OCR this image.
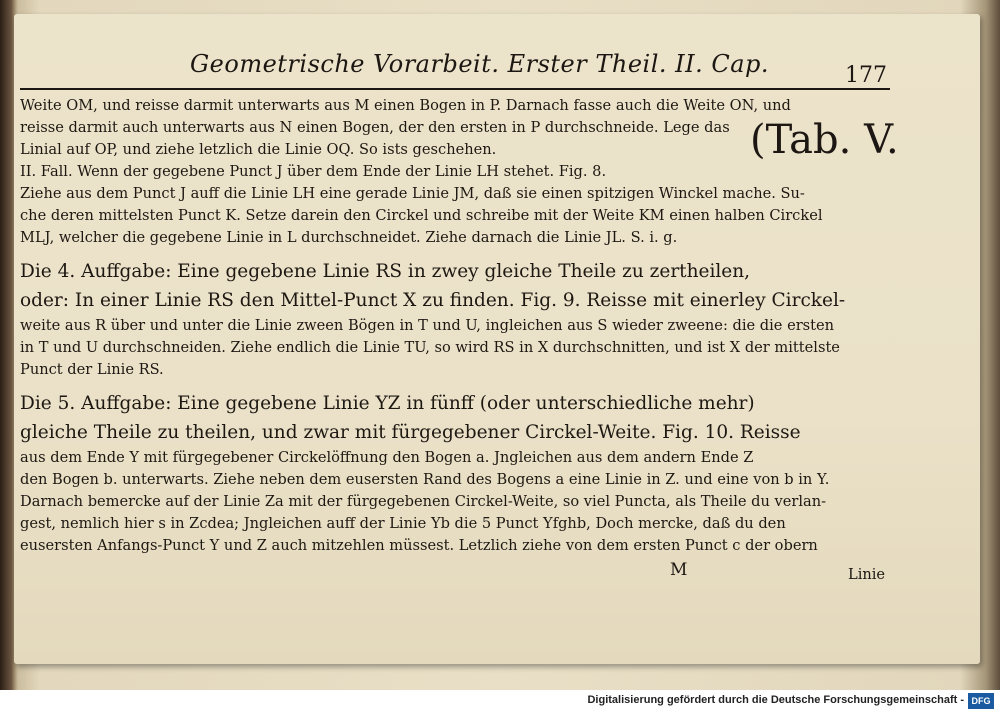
Geometrische Vorarbeit. Erster Theil. II. Cap.	177
(Tab. V.
Weite OM, und reisse darmit unterwarts aus M einen Bogen in P. Darnach fasse auch die Weite ON, und
reisse darmit auch unterwarts aus N einen Bogen, der den ersten in P durchschneide. Lege das
Linial auf OP, und ziehe letzlich die Linie OQ. So ists geschehen.
II. Fall. Wenn der gegebene Punct J über dem Ende der Linie LH stehet. Fig. 8.
Ziehe aus dem Punct J auff die Linie LH eine gerade Linie JM, daß sie einen spitzigen Winckel mache. Su-
che deren mittelsten Punct K. Setze darein den Circkel und schreibe mit der Weite KM einen halben Circkel
MLJ, welcher die gegebene Linie in L durchschneidet. Ziehe darnach die Linie JL. S. i. g.
Die 4. Auffgabe: Eine gegebene Linie RS in zwey gleiche Theile zu zertheilen,
oder: In einer Linie RS den Mittel-Punct X zu finden. Fig. 9. Reisse mit einerley Circkel-
weite aus R über und unter die Linie zween Bögen in T und U, ingleichen aus S wieder zweene: die die ersten
in T und U durchschneiden. Ziehe endlich die Linie TU, so wird RS in X durchschnitten, und ist X der mittelste
Punct der Linie RS.
Die 5. Auffgabe: Eine gegebene Linie YZ in fünff (oder unterschiedliche mehr)
gleiche Theile zu theilen, und zwar mit fürgegebener Circkel-Weite. Fig. 10. Reisse
aus dem Ende Y mit fürgegebener Circkelöffnung den Bogen a. Jngleichen aus dem andern Ende Z
den Bogen b. unterwarts. Ziehe neben dem eusersten Rand des Bogens a eine Linie in Z. und eine von b in Y.
Darnach bemercke auf der Linie Za mit der fürgegebenen Circkel-Weite, so viel Puncta, als Theile du verlan-
gest, nemlich hier s in Zcdea; Jngleichen auff der Linie Yb die 5 Punct Yfghb, Doch mercke, daß du den
eusersten Anfangs-Punct Y und Z auch mitzehlen müssest. Letzlich ziehe von dem ersten Punct c der obern
M	Linie
Digitalisierung gefördert durch die Deutsche Forschungsgemeinschaft - DFG
